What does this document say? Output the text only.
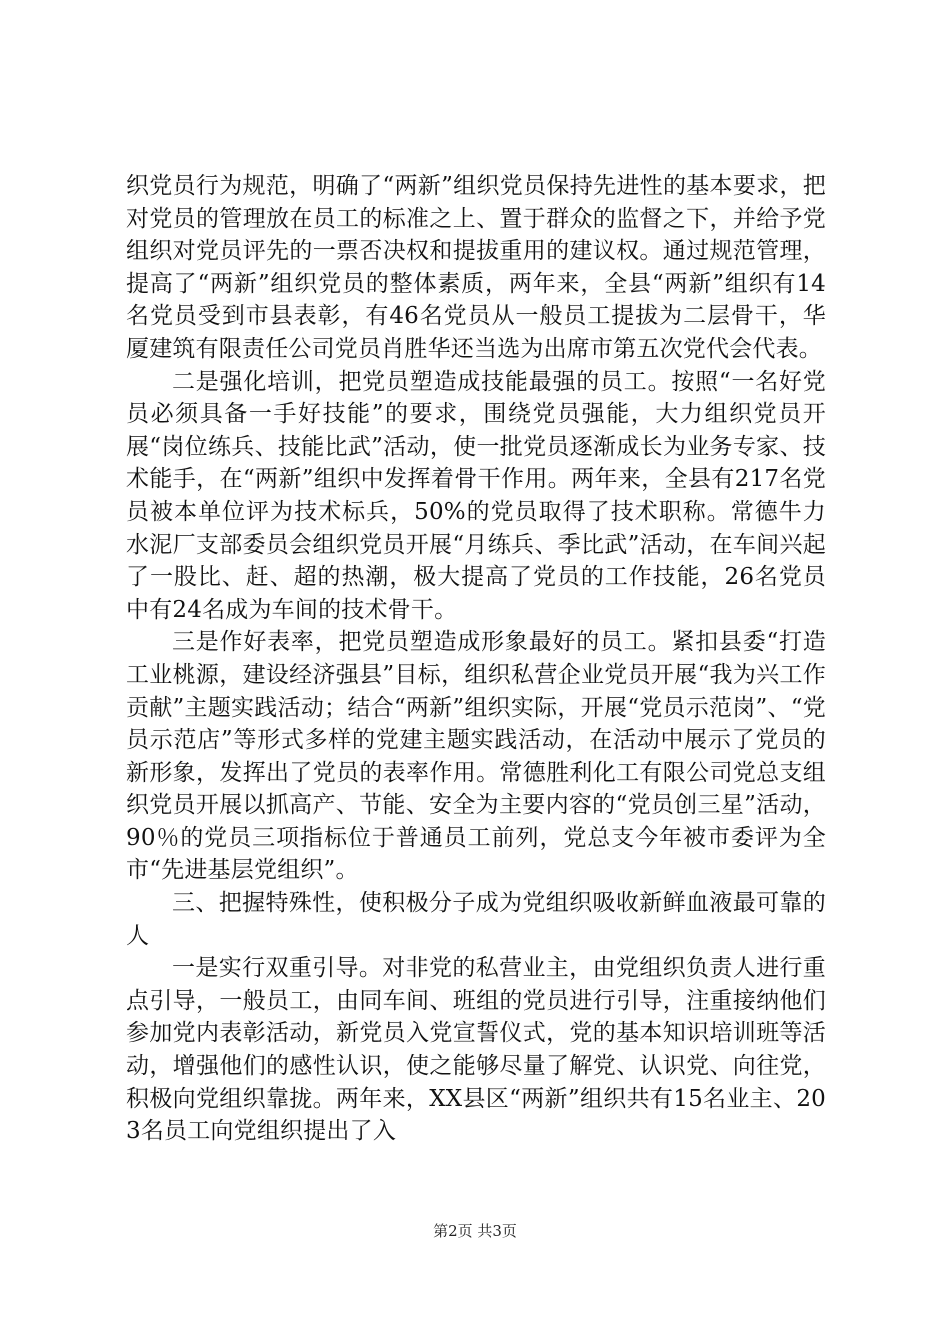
织党员行为规范，明确了“两新”组织党员保持先进性的基本要求，把对党员的管理放在员工的标准之上、置于群众的监督之下，并给予党组织对党员评先的一票否决权和提拔重用的建议权。通过规范管理，提高了“两新”组织党员的整体素质，两年来，全县“两新”组织有14名党员受到市县表彰，有46名党员从一般员工提拔为二层骨干，华厦建筑有限责任公司党员肖胜华还当选为出席市第五次党代会代表。

二是强化培训，把党员塑造成技能最强的员工。按照“一名好党员必须具备一手好技能”的要求，围绕党员强能，大力组织党员开展“岗位练兵、技能比武”活动，使一批党员逐渐成长为业务专家、技术能手，在“两新”组织中发挥着骨干作用。两年来，全县有217名党员被本单位评为技术标兵，50%的党员取得了技术职称。常德牛力水泥厂支部委员会组织党员开展“月练兵、季比武”活动，在车间兴起了一股比、赶、超的热潮，极大提高了党员的工作技能，26名党员中有24名成为车间的技术骨干。

三是作好表率，把党员塑造成形象最好的员工。紧扣县委“打造工业桃源，建设经济强县”目标，组织私营企业党员开展“我为兴工作贡献”主题实践活动；结合“两新”组织实际，开展“党员示范岗”、“党员示范店”等形式多样的党建主题实践活动，在活动中展示了党员的新形象，发挥出了党员的表率作用。常德胜利化工有限公司党总支组织党员开展以抓高产、节能、安全为主要内容的“党员创三星”活动，90％的党员三项指标位于普通员工前列，党总支今年被市委评为全市“先进基层党组织”。

三、把握特殊性，使积极分子成为党组织吸收新鲜血液最可靠的人

一是实行双重引导。对非党的私营业主，由党组织负责人进行重点引导，一般员工，由同车间、班组的党员进行引导，注重接纳他们参加党内表彰活动，新党员入党宣誓仪式，党的基本知识培训班等活动，增强他们的感性认识，使之能够尽量了解党、认识党、向往党，积极向党组织靠拢。两年来，XX县区“两新”组织共有15名业主、203名员工向党组织提出了入

第2页 共3页
